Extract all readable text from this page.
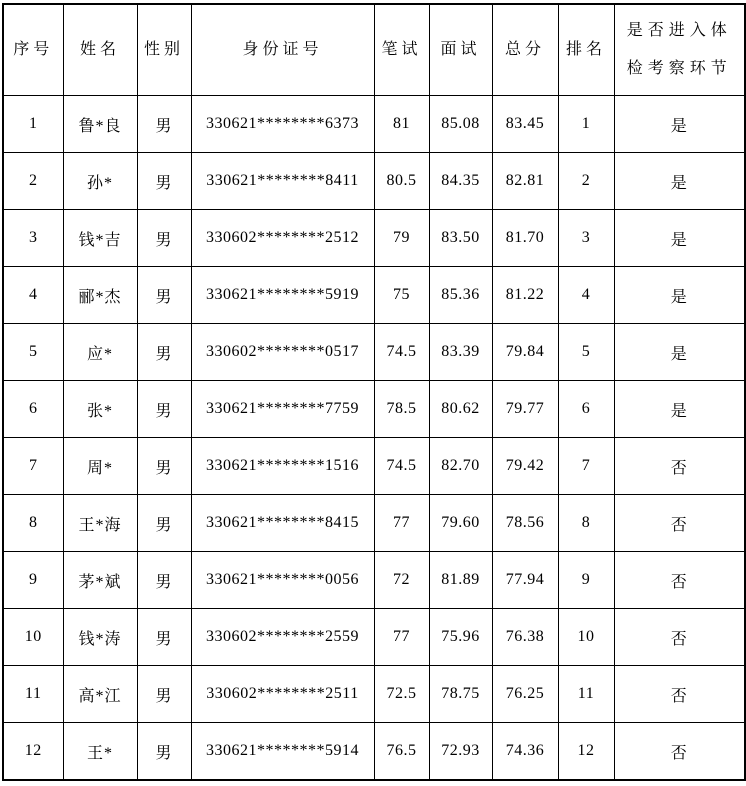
序号	姓名	性别	身份证号	笔试	面试	总分	排名	是否进入体检考察环节

1	鲁*良	男	330621********6373	81	85.08	83.45	1	是
2	孙*	男	330621********8411	80.5	84.35	82.81	2	是
3	钱*吉	男	330602********2512	79	83.50	81.70	3	是
4	郦*杰	男	330621********5919	75	85.36	81.22	4	是
5	应*	男	330602********0517	74.5	83.39	79.84	5	是
6	张*	男	330621********7759	78.5	80.62	79.77	6	是
7	周*	男	330621********1516	74.5	82.70	79.42	7	否
8	王*海	男	330621********8415	77	79.60	78.56	8	否
9	茅*斌	男	330621********0056	72	81.89	77.94	9	否
10	钱*涛	男	330602********2559	77	75.96	76.38	10	否
11	高*江	男	330602********2511	72.5	78.75	76.25	11	否
12	王*	男	330621********5914	76.5	72.93	74.36	12	否
